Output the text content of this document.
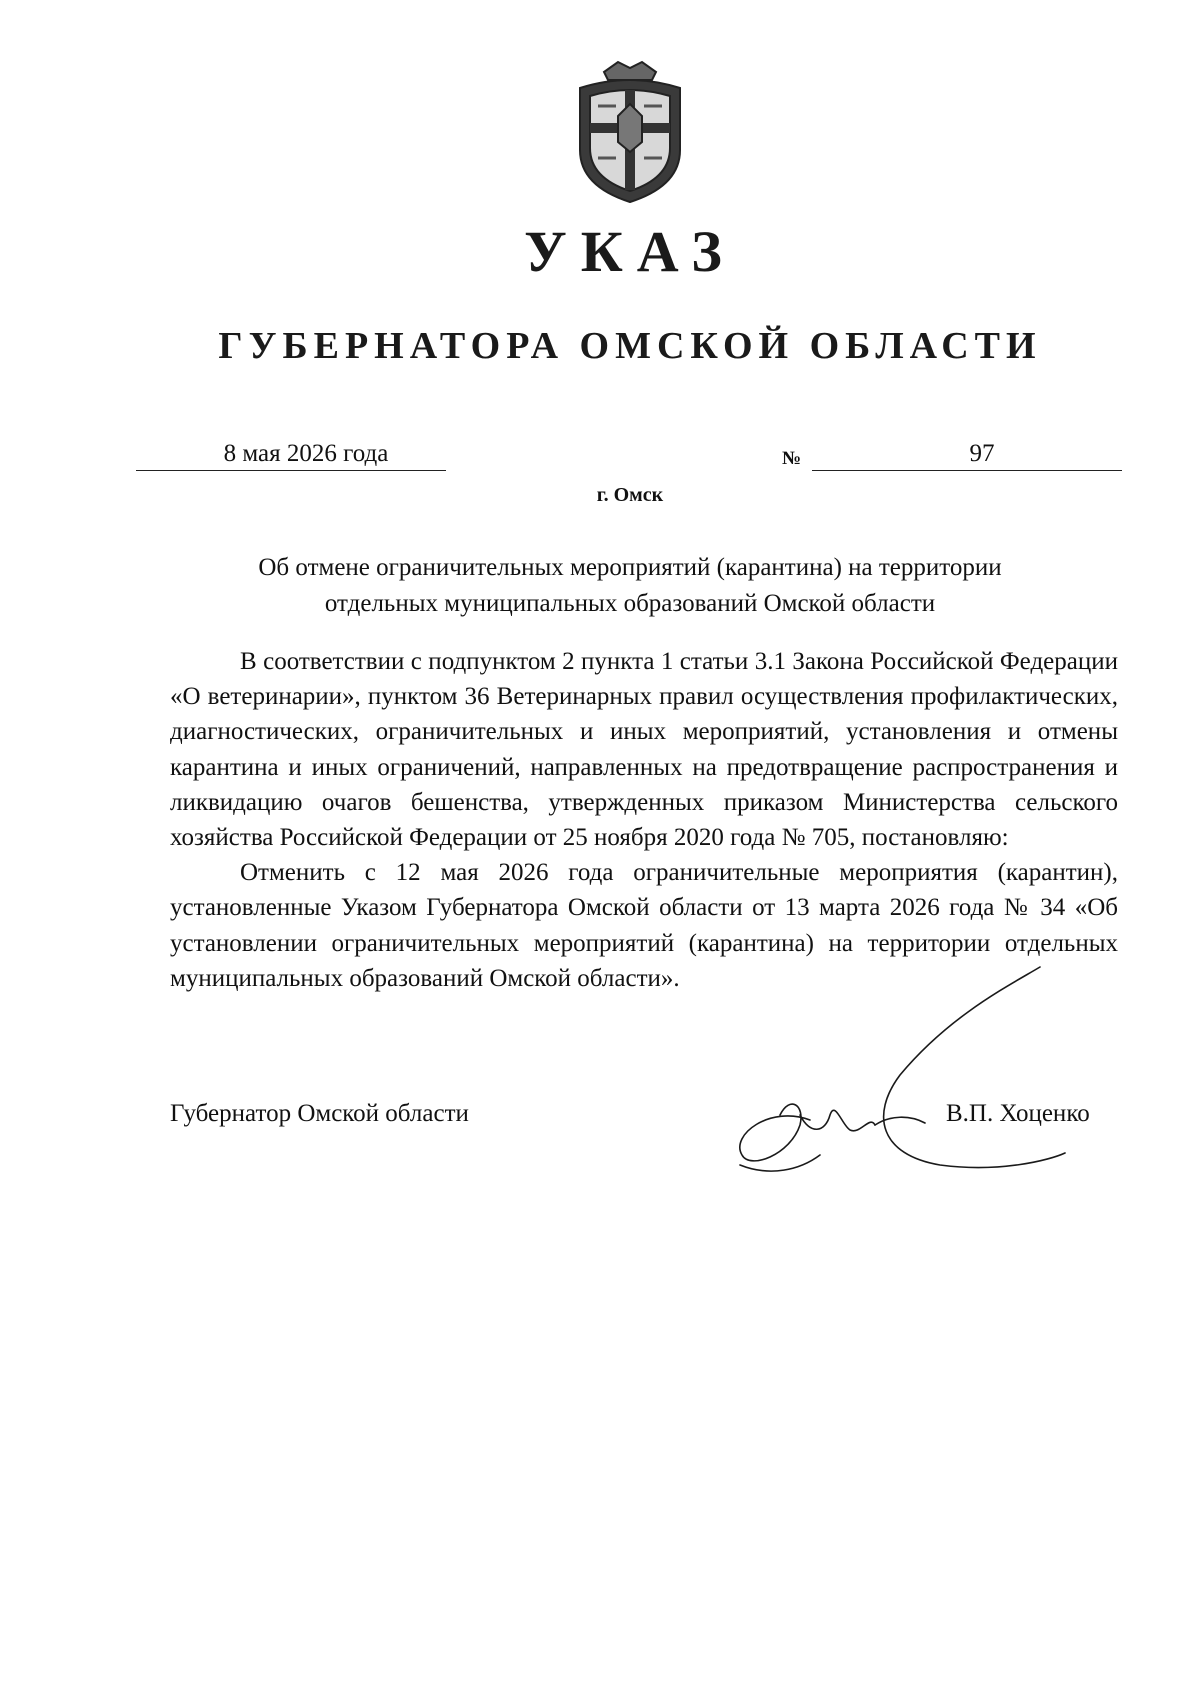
УКАЗ
ГУБЕРНАТОРА ОМСКОЙ ОБЛАСТИ
8 мая 2026 года	№	97
г. Омск
Об отмене ограничительных мероприятий (карантина) на территории
отдельных муниципальных образований Омской области

В соответствии с подпунктом 2 пункта 1 статьи 3.1 Закона Российской Федерации «О ветеринарии», пунктом 36 Ветеринарных правил осуществления профилактических, диагностических, ограничительных и иных мероприятий, установления и отмены карантина и иных ограничений, направленных на предотвращение распространения и ликвидацию очагов бешенства, утвержденных приказом Министерства сельского хозяйства Российской Федерации от 25 ноября 2020 года № 705, постановляю:

Отменить с 12 мая 2026 года ограничительные мероприятия (карантин), установленные Указом Губернатора Омской области от 13 марта 2026 года № 34 «Об установлении ограничительных мероприятий (карантина) на территории отдельных муниципальных образований Омской области».

Губернатор Омской области	В.П. Хоценко
